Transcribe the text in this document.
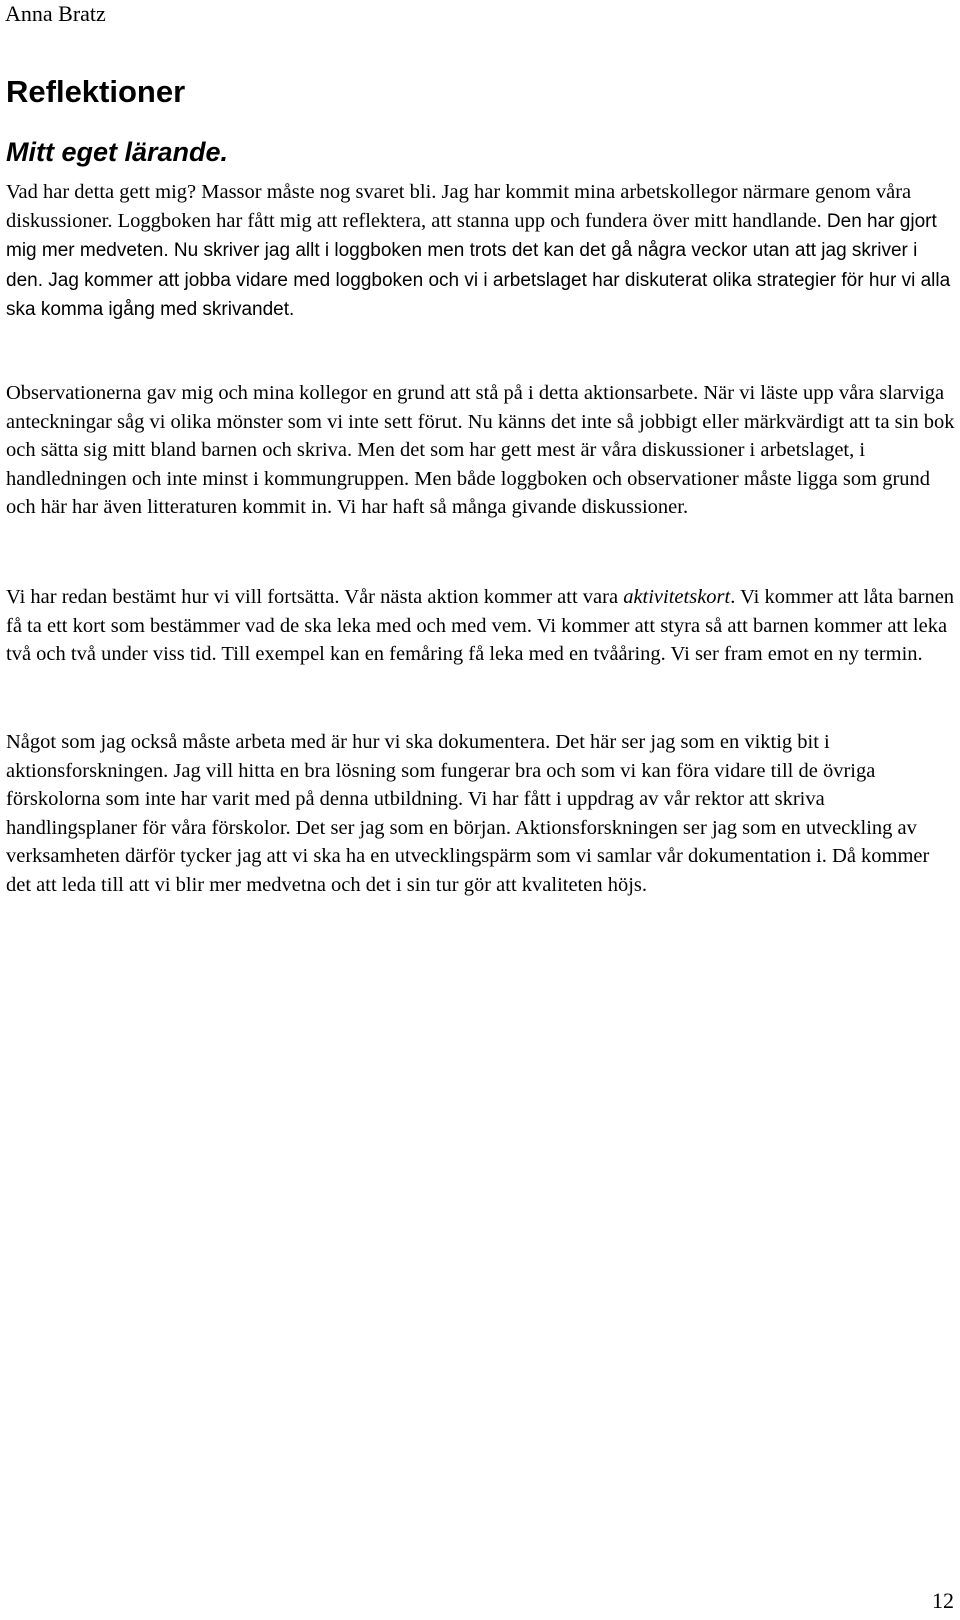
Anna Bratz
Reflektioner
Mitt eget lärande.

Vad har detta gett mig? Massor måste nog svaret bli. Jag har kommit mina arbetskollegor närmare genom våra diskussioner. Loggboken har fått mig att reflektera, att stanna upp och fundera över mitt handlande. Den har gjort mig mer medveten. Nu skriver jag allt i loggboken men trots det kan det gå några veckor utan att jag skriver i den. Jag kommer att jobba vidare med loggboken och vi i arbetslaget har diskuterat olika strategier för hur vi alla ska komma igång med skrivandet.

Observationerna gav mig och mina kollegor en grund att stå på i detta aktionsarbete. När vi läste upp våra slarviga anteckningar såg vi olika mönster som vi inte sett förut. Nu känns det inte så jobbigt eller märkvärdigt att ta sin bok och sätta sig mitt bland barnen och skriva. Men det som har gett mest är våra diskussioner i arbetslaget, i handledningen och inte minst i kommungruppen. Men både loggboken och observationer måste ligga som grund och här har även litteraturen kommit in. Vi har haft så många givande diskussioner.

Vi har redan bestämt hur vi vill fortsätta. Vår nästa aktion kommer att vara aktivitetskort. Vi kommer att låta barnen få ta ett kort som bestämmer vad de ska leka med och med vem. Vi kommer att styra så att barnen kommer att leka två och två under viss tid. Till exempel kan en femåring få leka med en tvååring. Vi ser fram emot en ny termin.

Något som jag också måste arbeta med är hur vi ska dokumentera. Det här ser jag som en viktig bit i aktionsforskningen. Jag vill hitta en bra lösning som fungerar bra och som vi kan föra vidare till de övriga förskolorna som inte har varit med på denna utbildning. Vi har fått i uppdrag av vår rektor att skriva handlingsplaner för våra förskolor. Det ser jag som en början. Aktionsforskningen ser jag som en utveckling av verksamheten därför tycker jag att vi ska ha en utvecklingspärm som vi samlar vår dokumentation i. Då kommer det att leda till att vi blir mer medvetna och det i sin tur gör att kvaliteten höjs.

12
